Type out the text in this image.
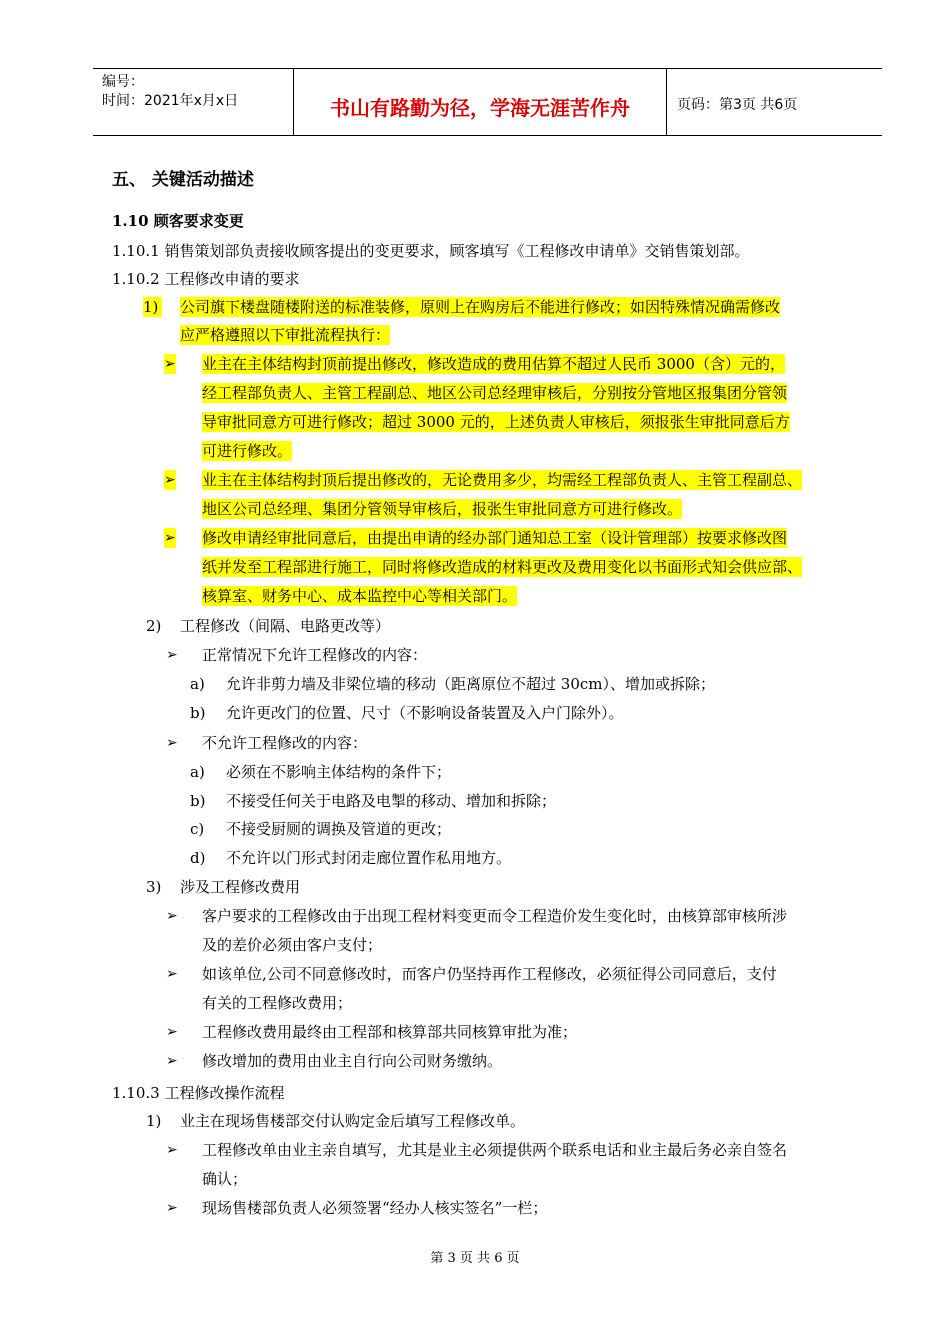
编号：
时间：2021年x月x日	书山有路勤为径，学海无涯苦作舟	页码：第3页 共6页
五、 关键活动描述
1.10 顾客要求变更
1.10.1 销售策划部负责接收顾客提出的变更要求，顾客填写《工程修改申请单》交销售策划部。
1.10.2 工程修改申请的要求
1) 公司旗下楼盘随楼附送的标准装修，原则上在购房后不能进行修改；如因特殊情况确需修改
应严格遵照以下审批流程执行：
➢ 业主在主体结构封顶前提出修改，修改造成的费用估算不超过人民币 3000（含）元的，
经工程部负责人、主管工程副总、地区公司总经理审核后，分别按分管地区报集团分管领
导审批同意方可进行修改；超过 3000 元的，上述负责人审核后，须报张生审批同意后方
可进行修改。
➢ 业主在主体结构封顶后提出修改的，无论费用多少，均需经工程部负责人、主管工程副总、
地区公司总经理、集团分管领导审核后，报张生审批同意方可进行修改。
➢ 修改申请经审批同意后，由提出申请的经办部门通知总工室（设计管理部）按要求修改图
纸并发至工程部进行施工，同时将修改造成的材料更改及费用变化以书面形式知会供应部、
核算室、财务中心、成本监控中心等相关部门。
2) 工程修改（间隔、电路更改等）
➢ 正常情况下允许工程修改的内容：
a) 允许非剪力墙及非梁位墙的移动（距离原位不超过 30cm）、增加或拆除；
b) 允许更改门的位置、尺寸（不影响设备装置及入户门除外）。
➢ 不允许工程修改的内容：
a) 必须在不影响主体结构的条件下；
b) 不接受任何关于电路及电掣的移动、增加和拆除；
c) 不接受厨厕的调换及管道的更改；
d) 不允许以门形式封闭走廊位置作私用地方。
3) 涉及工程修改费用
➢ 客户要求的工程修改由于出现工程材料变更而令工程造价发生变化时，由核算部审核所涉
及的差价必须由客户支付；
➢ 如该单位,公司不同意修改时，而客户仍坚持再作工程修改，必须征得公司同意后，支付
有关的工程修改费用；
➢ 工程修改费用最终由工程部和核算部共同核算审批为准；
➢ 修改增加的费用由业主自行向公司财务缴纳。
1.10.3 工程修改操作流程
1) 业主在现场售楼部交付认购定金后填写工程修改单。
➢ 工程修改单由业主亲自填写，尤其是业主必须提供两个联系电话和业主最后务必亲自签名
确认；
➢ 现场售楼部负责人必须签署“经办人核实签名”一栏；
第 3 页 共 6 页
